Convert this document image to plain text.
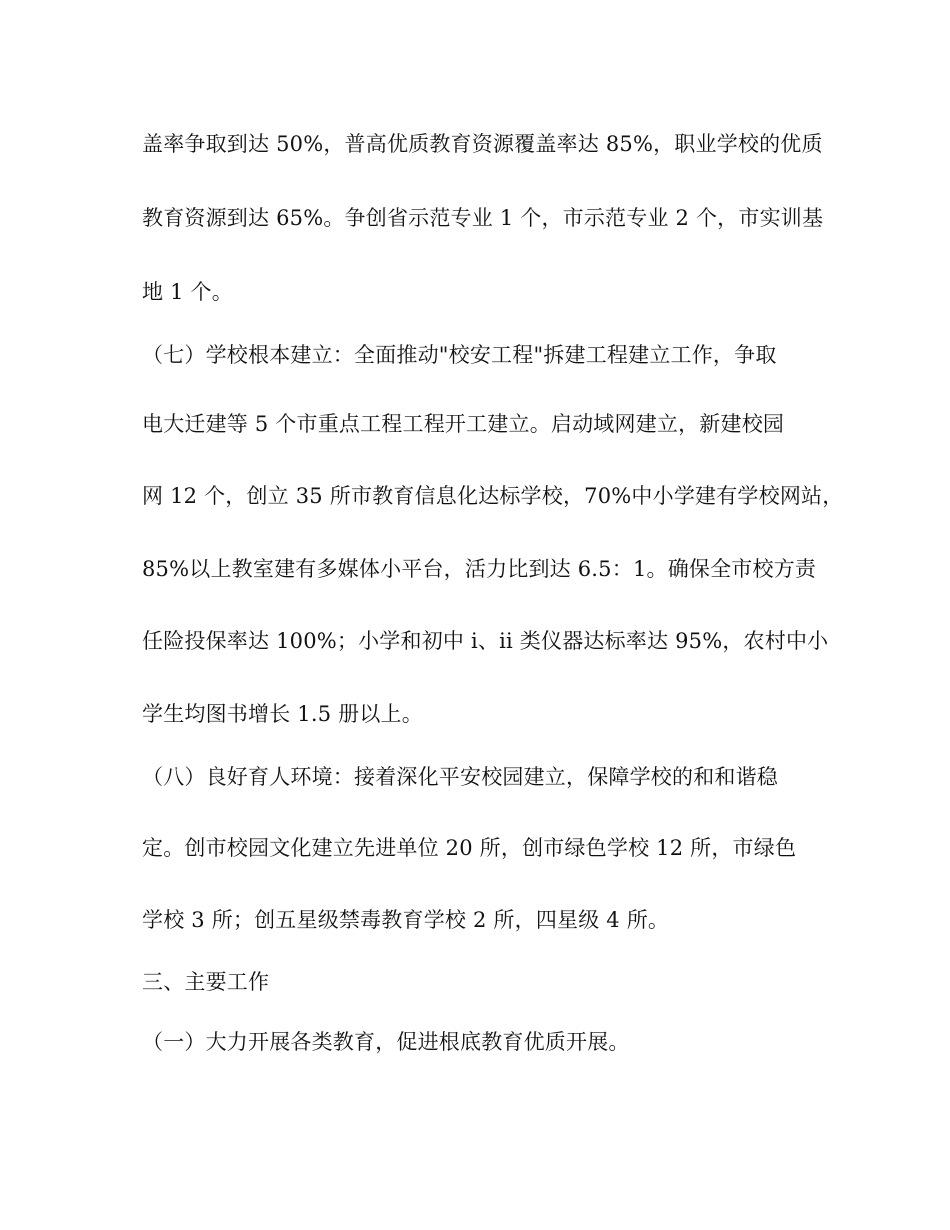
盖率争取到达 50%，普高优质教育资源覆盖率达 85%，职业学校的优质
教育资源到达 65%。争创省示范专业 1 个，市示范专业 2 个，市实训基
地 1 个。
（七）学校根本建立：全面推动"校安工程"拆建工程建立工作，争取
电大迁建等 5 个市重点工程工程开工建立。启动域网建立，新建校园
网 12 个，创立 35 所市教育信息化达标学校，70%中小学建有学校网站，
85%以上教室建有多媒体小平台，活力比到达 6.5：1。确保全市校方责
任险投保率达 100%；小学和初中 i、ii 类仪器达标率达 95%，农村中小
学生均图书增长 1.5 册以上。
（八）良好育人环境：接着深化平安校园建立，保障学校的和和谐稳
定。创市校园文化建立先进单位 20 所，创市绿色学校 12 所，市绿色
学校 3 所；创五星级禁毒教育学校 2 所，四星级 4 所。
三、主要工作
（一）大力开展各类教育，促进根底教育优质开展。
